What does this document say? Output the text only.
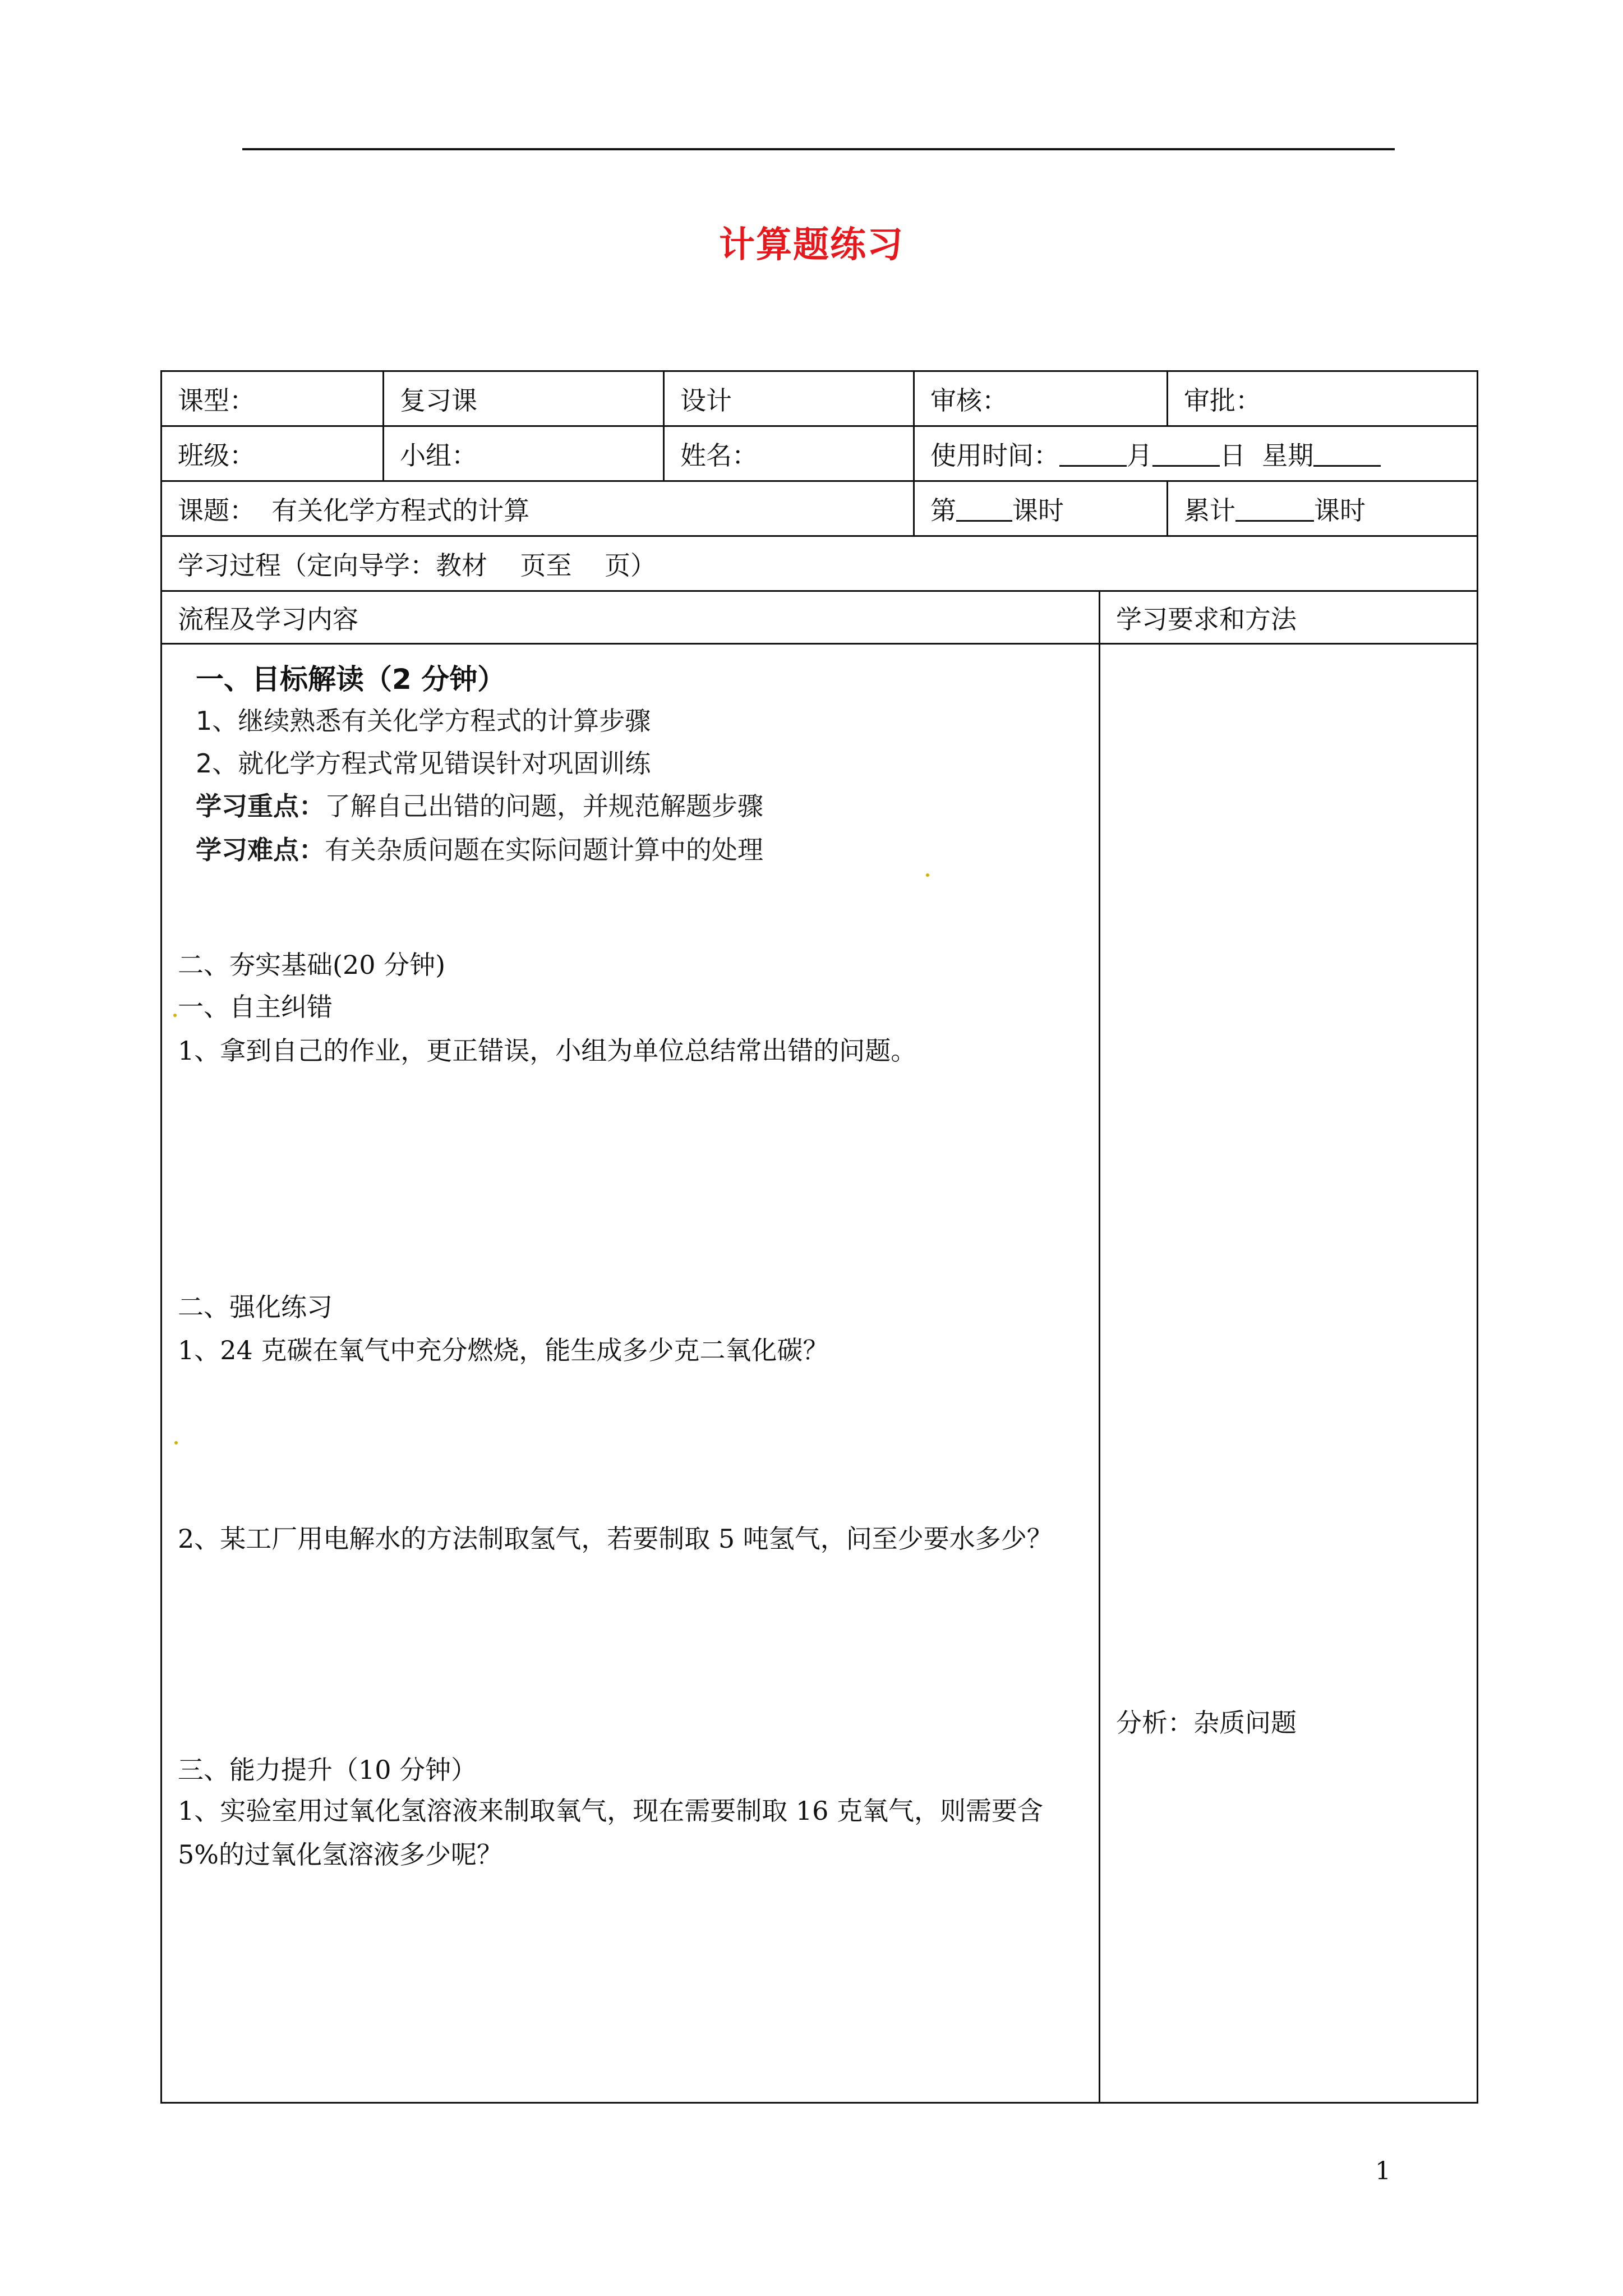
计算题练习
课型：	复习课	设计	审核：	审批：
班级：	小组：	姓名：	使用时间：	月	日  星期
课题：  有关化学方程式的计算	第 课时	累计	课时
学习过程（定向导学：教材    页至    页）
流程及学习内容	学习要求和方法
一、目标解读（2 分钟）
1、继续熟悉有关化学方程式的计算步骤
2、就化学方程式常见错误针对巩固训练
学习重点：了解自己出错的问题，并规范解题步骤
学习难点：有关杂质问题在实际问题计算中的处理
二、夯实基础(20 分钟)
一、自主纠错
1、拿到自己的作业，更正错误，小组为单位总结常出错的问题。
二、强化练习
1、24 克碳在氧气中充分燃烧，能生成多少克二氧化碳？
2、某工厂用电解水的方法制取氢气，若要制取 5 吨氢气，问至少要水多少？
三、能力提升（10 分钟）
1、实验室用过氧化氢溶液来制取氧气，现在需要制取 16 克氧气，则需要含 5%的过氧化氢溶液多少呢？
分析：杂质问题
1
